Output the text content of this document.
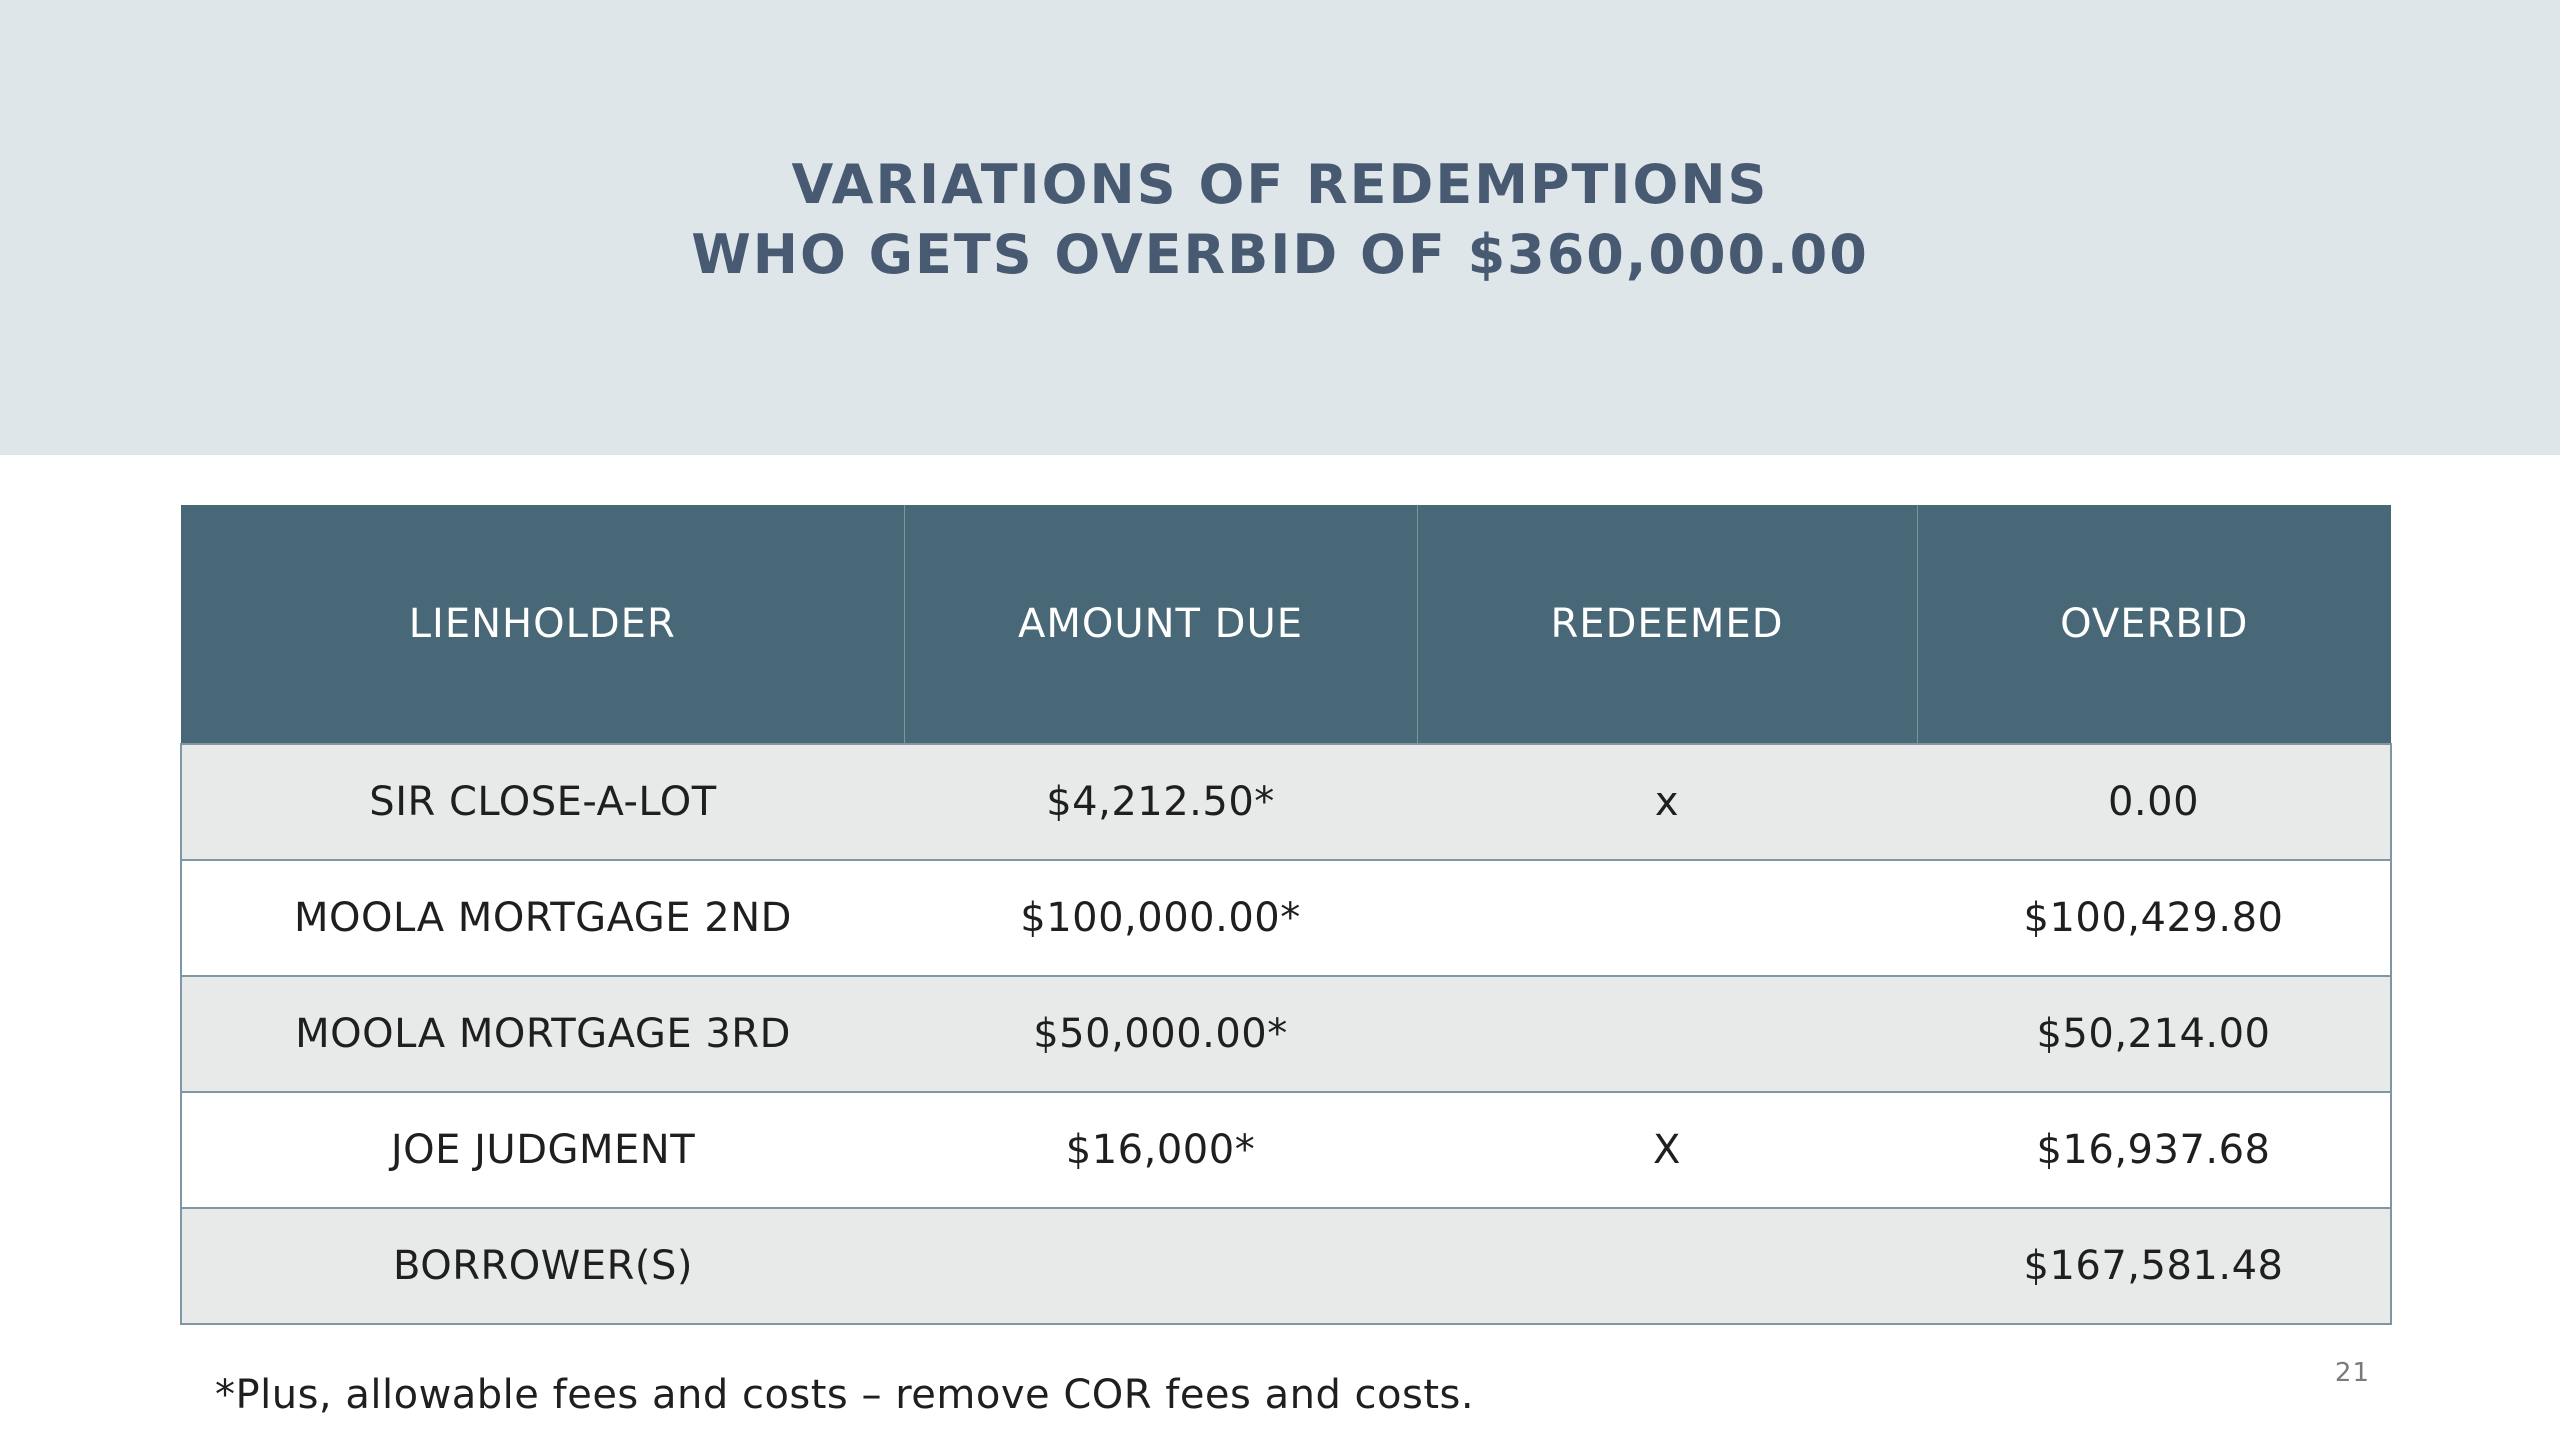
VARIATIONS OF REDEMPTIONS
WHO GETS OVERBID OF $360,000.00
LIENHOLDER	AMOUNT DUE	REDEEMED	OVERBID
SIR CLOSE-A-LOT	$4,212.50*	x	0.00
MOOLA MORTGAGE 2ND	$100,000.00*		$100,429.80
MOOLA MORTGAGE 3RD	$50,000.00*		$50,214.00
JOE JUDGMENT	$16,000*	X	$16,937.68
BORROWER(S)			$167,581.48
*Plus, allowable fees and costs – remove COR fees and costs.	21
